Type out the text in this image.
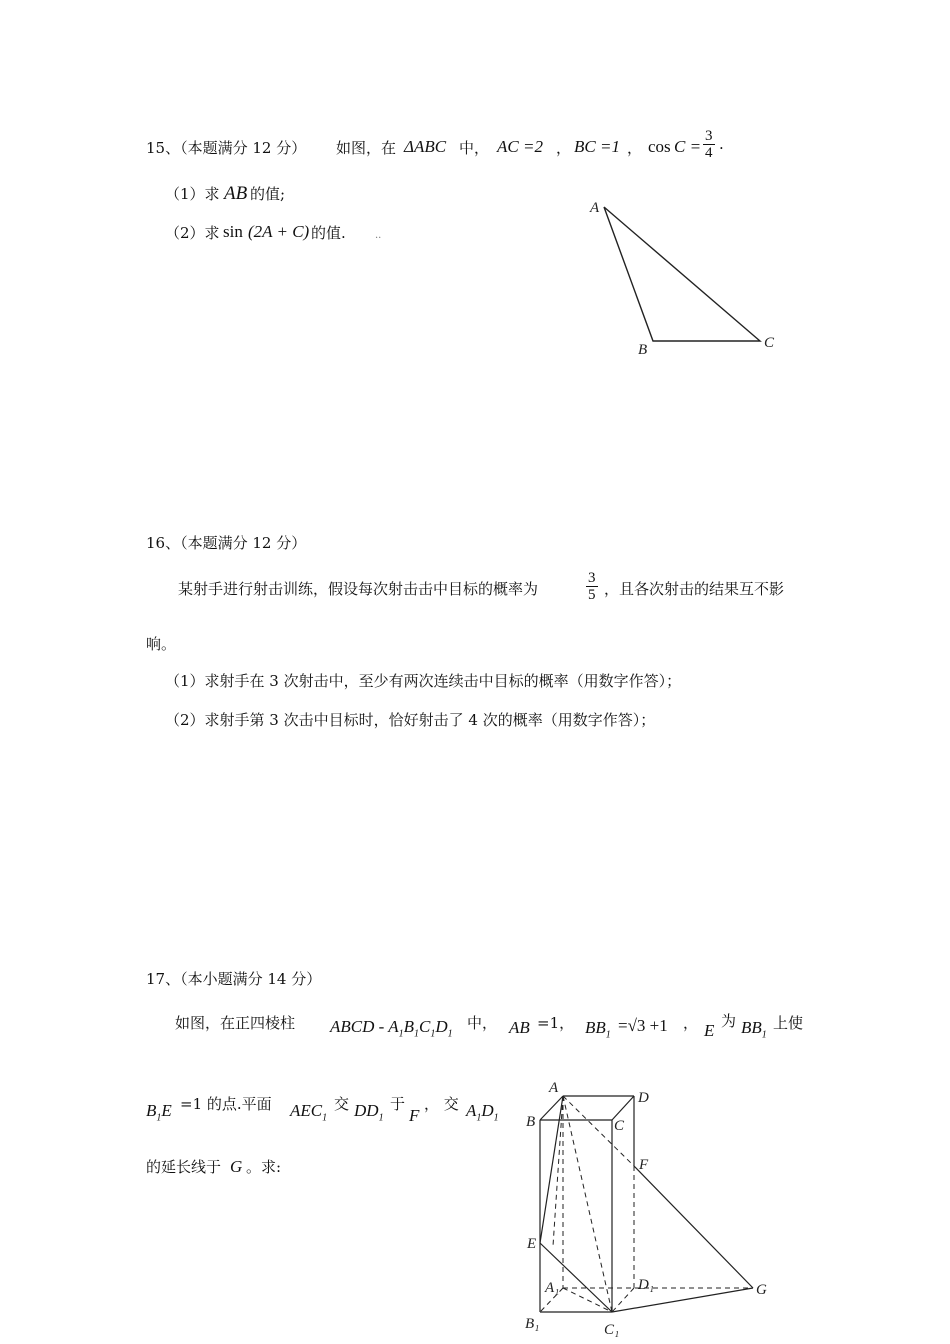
15、（本题满分 12 分） 如图，在 ΔABC 中， AC =2 ， BC =1 ， $\cos C = \frac{3}{4}$ ·
（1）求 AB 的值;
（2）求 sin (2A + C) 的值.	..
A
B	C
16、（本题满分 12 分）
某射手进行射击训练，假设每次射击击中目标的概率为	$\frac{3}{5}$ ，且各次射击的结果互不影
响。
（1）求射手在 3 次射击中，至少有两次连续击中目标的概率（用数字作答）；
（2）求射手第 3 次击中目标时，恰好射击了 4 次的概率（用数字作答）；
17、（本小题满分 14 分）
如图，在正四棱柱 ABCD - $A_1B_1C_1D_1$
中， AB =1， $BB_1 =√3 +1$ ， E 为 $BB_1$
上使
$B_1E =1$ 的点.平面 $AEC_1$
交 $DD_1$
于
F
， 交 $A_1D_1$
的延长线于 G 。求:
A
D
B	C
F
E
A₁	D₁	G
B₁	C₁
